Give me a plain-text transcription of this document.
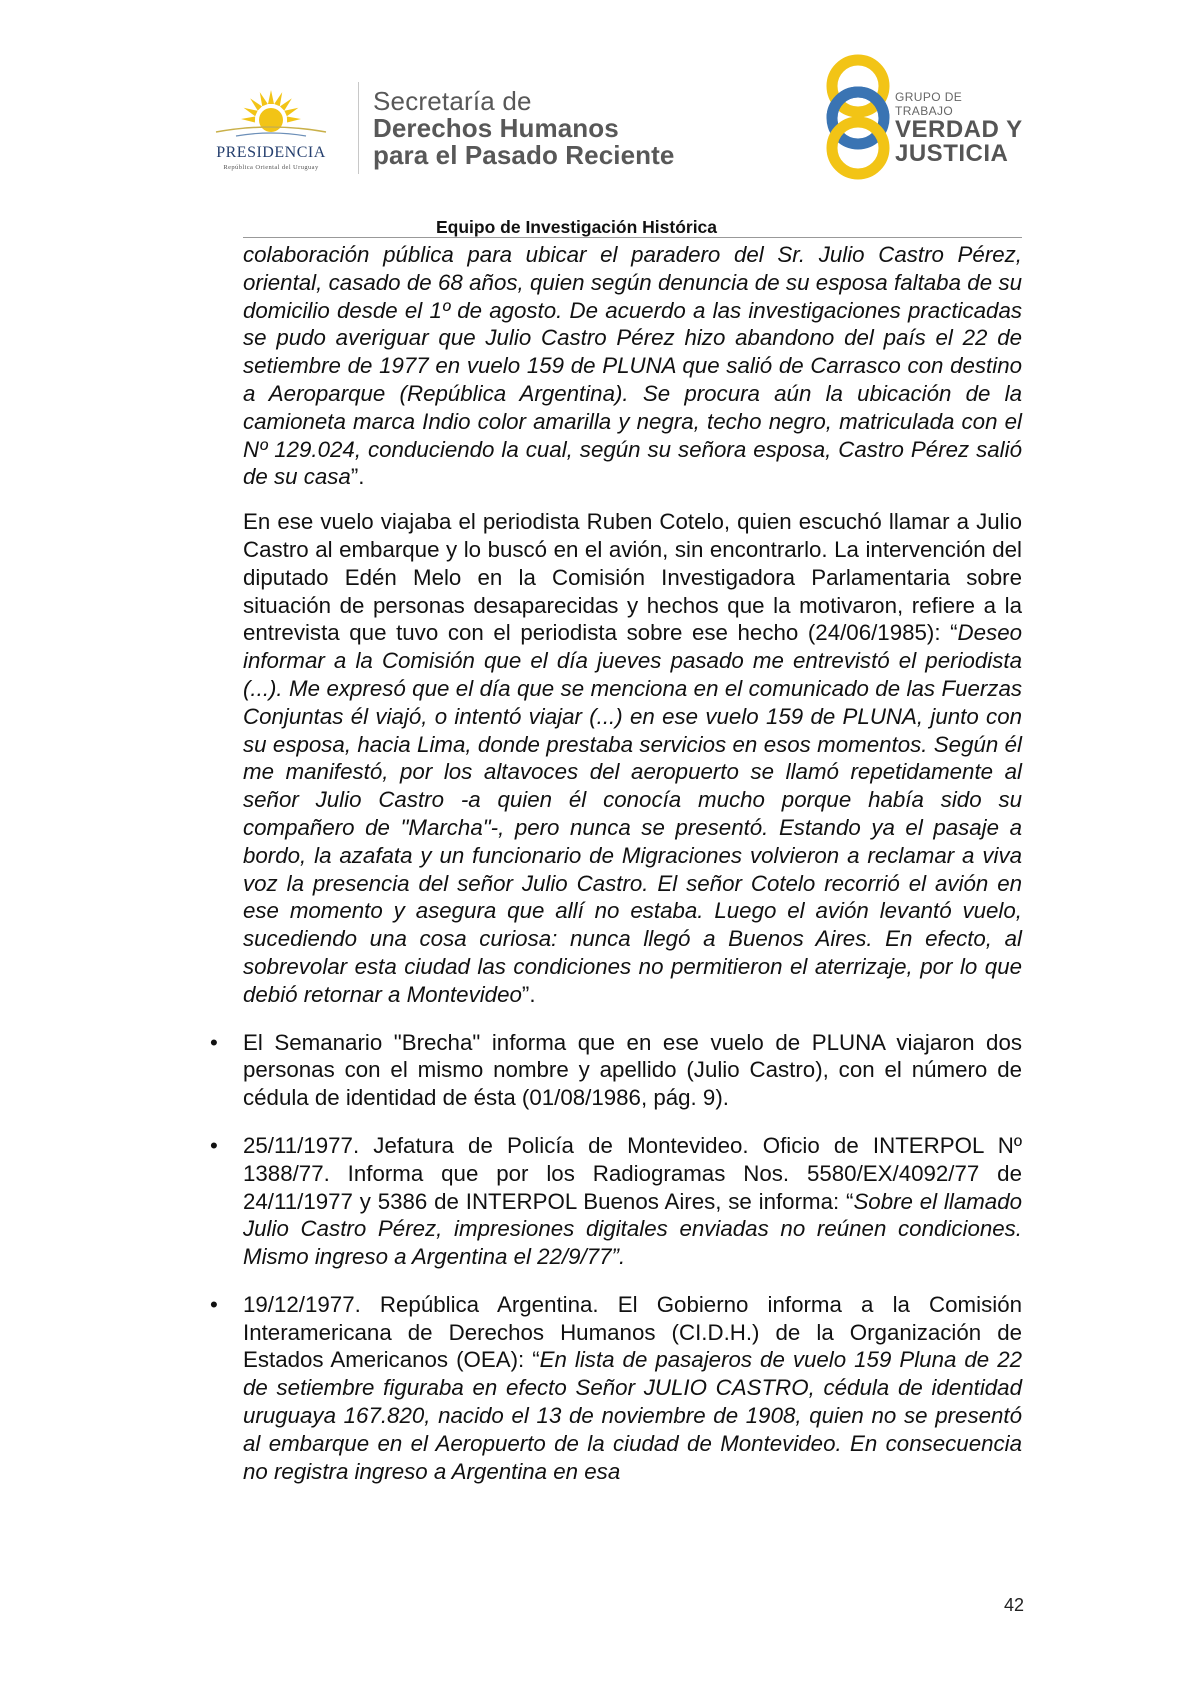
PRESIDENCIA
República Oriental del Uruguay
Secretaría de
Derechos Humanos
para el Pasado Reciente
GRUPO DE TRABAJO
VERDAD Y
JUSTICIA
Equipo de Investigación Histórica

colaboración pública para ubicar el paradero del Sr. Julio Castro Pérez, oriental, casado de 68 años, quien según denuncia de su esposa faltaba de su domicilio desde el 1º de agosto. De acuerdo a las investigaciones practicadas se pudo averiguar que Julio Castro Pérez hizo abandono del país el 22 de setiembre de 1977 en vuelo 159 de PLUNA que salió de Carrasco con destino a Aeroparque (República Argentina). Se procura aún la ubicación de la camioneta marca Indio color amarilla y negra, techo negro, matriculada con el Nº 129.024, conduciendo la cual, según su señora esposa, Castro Pérez salió de su casa”.

En ese vuelo viajaba el periodista Ruben Cotelo, quien escuchó llamar a Julio Castro al embarque y lo buscó en el avión, sin encontrarlo. La intervención del diputado Edén Melo en la Comisión Investigadora Parlamentaria sobre situación de personas desaparecidas y hechos que la motivaron, refiere a la entrevista que tuvo con el periodista sobre ese hecho (24/06/1985): “Deseo informar a la Comisión que el día jueves pasado me entrevistó el periodista (...). Me expresó que el día que se menciona en el comunicado de las Fuerzas Conjuntas él viajó, o intentó viajar (...) en ese vuelo 159 de PLUNA, junto con su esposa, hacia Lima, donde prestaba servicios en esos momentos. Según él me manifestó, por los altavoces del aeropuerto se llamó repetidamente al señor Julio Castro -a quien él conocía mucho porque había sido su compañero de "Marcha"-, pero nunca se presentó. Estando ya el pasaje a bordo, la azafata y un funcionario de Migraciones volvieron a reclamar a viva voz la presencia del señor Julio Castro. El señor Cotelo recorrió el avión en ese momento y asegura que allí no estaba. Luego el avión levantó vuelo, sucediendo una cosa curiosa: nunca llegó a Buenos Aires. En efecto, al sobrevolar esta ciudad las condiciones no permitieron el aterrizaje, por lo que debió retornar a Montevideo”.

• El Semanario "Brecha" informa que en ese vuelo de PLUNA viajaron dos personas con el mismo nombre y apellido (Julio Castro), con el número de cédula de identidad de ésta (01/08/1986, pág. 9).

• 25/11/1977. Jefatura de Policía de Montevideo. Oficio de INTERPOL Nº 1388/77. Informa que por los Radiogramas Nos. 5580/EX/4092/77 de 24/11/1977 y 5386 de INTERPOL Buenos Aires, se informa: “Sobre el llamado Julio Castro Pérez, impresiones digitales enviadas no reúnen condiciones. Mismo ingreso a Argentina el 22/9/77”.

• 19/12/1977. República Argentina. El Gobierno informa a la Comisión Interamericana de Derechos Humanos (CI.D.H.) de la Organización de Estados Americanos (OEA): “En lista de pasajeros de vuelo 159 Pluna de 22 de setiembre figuraba en efecto Señor JULIO CASTRO, cédula de identidad uruguaya 167.820, nacido el 13 de noviembre de 1908, quien no se presentó al embarque en el Aeropuerto de la ciudad de Montevideo. En consecuencia no registra ingreso a Argentina en esa

42
